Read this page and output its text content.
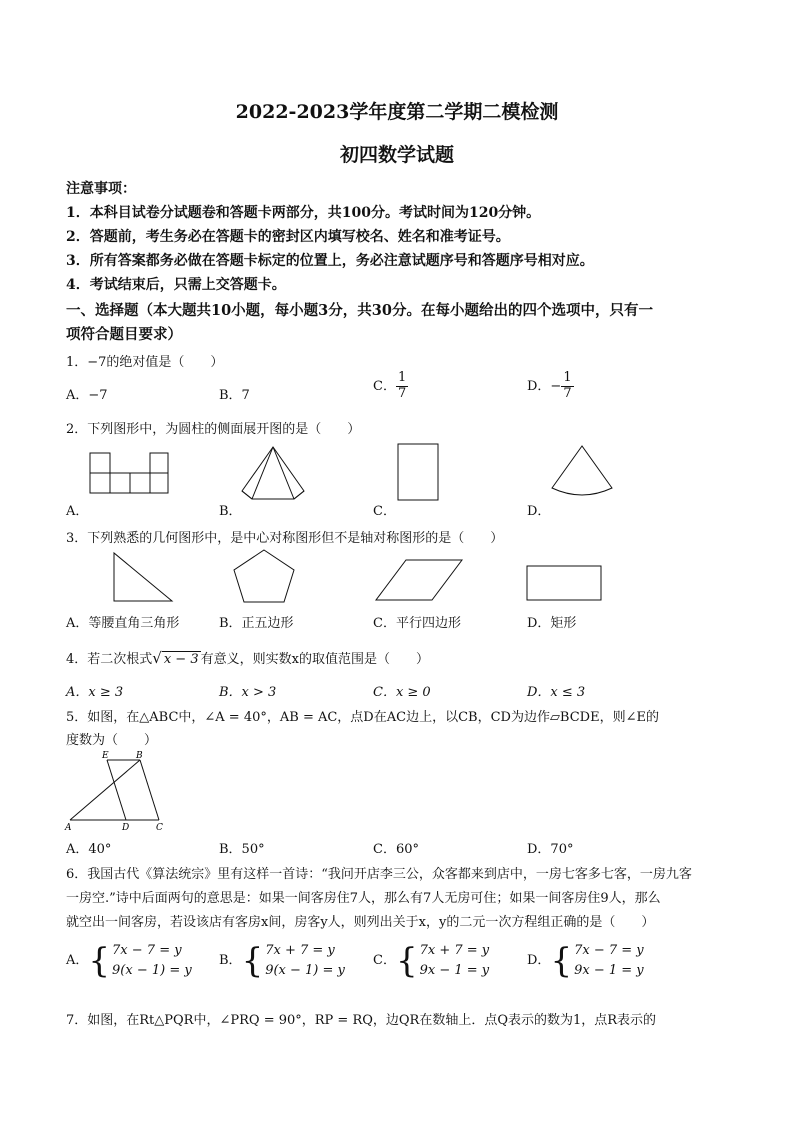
2022-2023学年度第二学期二模检测
初四数学试题
注意事项：
1．本科目试卷分试题卷和答题卡两部分，共100分。考试时间为120分钟。
2．答题前，考生务必在答题卡的密封区内填写校名、姓名和准考证号。
3．所有答案都务必做在答题卡标定的位置上，务必注意试题序号和答题序号相对应。
4．考试结束后，只需上交答题卡。
一、选择题（本大题共10小题，每小题3分，共30分。在每小题给出的四个选项中，只有一
项符合题目要求）
1．−7的绝对值是（　　）
A．−7	B．7
C． $\frac{1}{7}$	D．− $\frac{1}{7}$
2．下列图形中，为圆柱的侧面展开图的是（　　）
A．	B．	C．	D．
3．下列熟悉的几何图形中，是中心对称图形但不是轴对称图形的是（　　）
A．等腰直角三角形	B．正五边形	C．平行四边形	D．矩形
4．若二次根式√ x − 3 有意义，则实数x的取值范围是（　　）
A．x ≥ 3	B．x > 3	C．x ≥ 0	D．x ≤ 3
5．如图，在△ABC中，∠A = 40°，AB = AC，点D在AC边上，以CB，CD为边作▱BCDE，则∠E的
度数为（　　）
E	B
A	D	C
A．40°	B．50°	C．60°	D．70°
6．我国古代《算法统宗》里有这样一首诗：“我问开店李三公，众客都来到店中，一房七客多七客，一房九客
一房空.”诗中后面两句的意思是：如果一间客房住7人，那么有7人无房可住；如果一间客房住9人，那么
就空出一间客房，若设该店有客房x间，房客y人，则列出关于x，y的二元一次方程组正确的是（　　）
A．{ 7x − 7 = y
9(x − 1) = y
B．{ 7x + 7 = y
9(x − 1) = y
C．{ 7x + 7 = y
9x − 1 = y
D．{ 7x − 7 = y
9x − 1 = y
7．如图，在Rt△PQR中，∠PRQ = 90°，RP = RQ，边QR在数轴上．点Q表示的数为1，点R表示的
